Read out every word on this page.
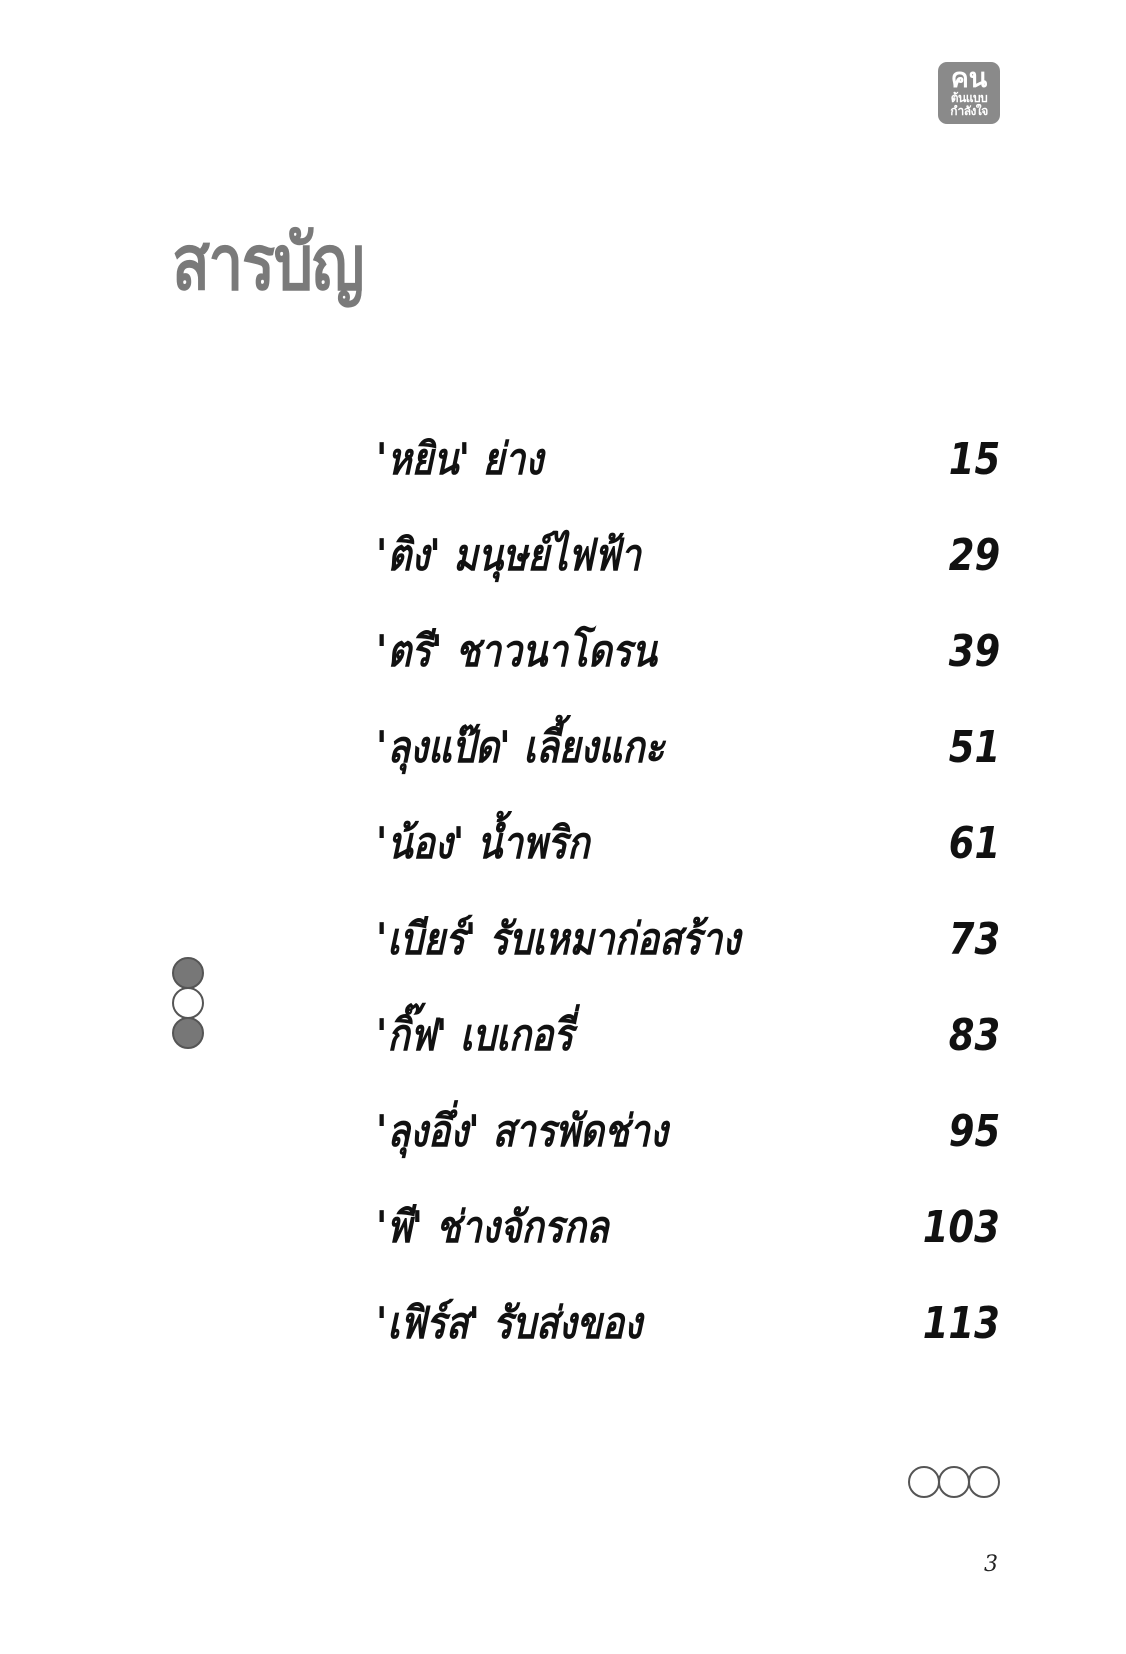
คน
ต้นแบบ
กำลังใจ
สารบัญ
'หยิน' ย่าง	15
'ติง' มนุษย์ไฟฟ้า	29
'ตรี' ชาวนาโดรน	39
'ลุงแป๊ด' เลี้ยงแกะ	51
'น้อง' น้ำพริก	61
'เบียร์' รับเหมาก่อสร้าง	73
'กิ๊ฟ' เบเกอรี่	83
'ลุงอึ่ง' สารพัดช่าง	95
'พี' ช่างจักรกล	103
'เฟิร์ส' รับส่งของ	113
3
